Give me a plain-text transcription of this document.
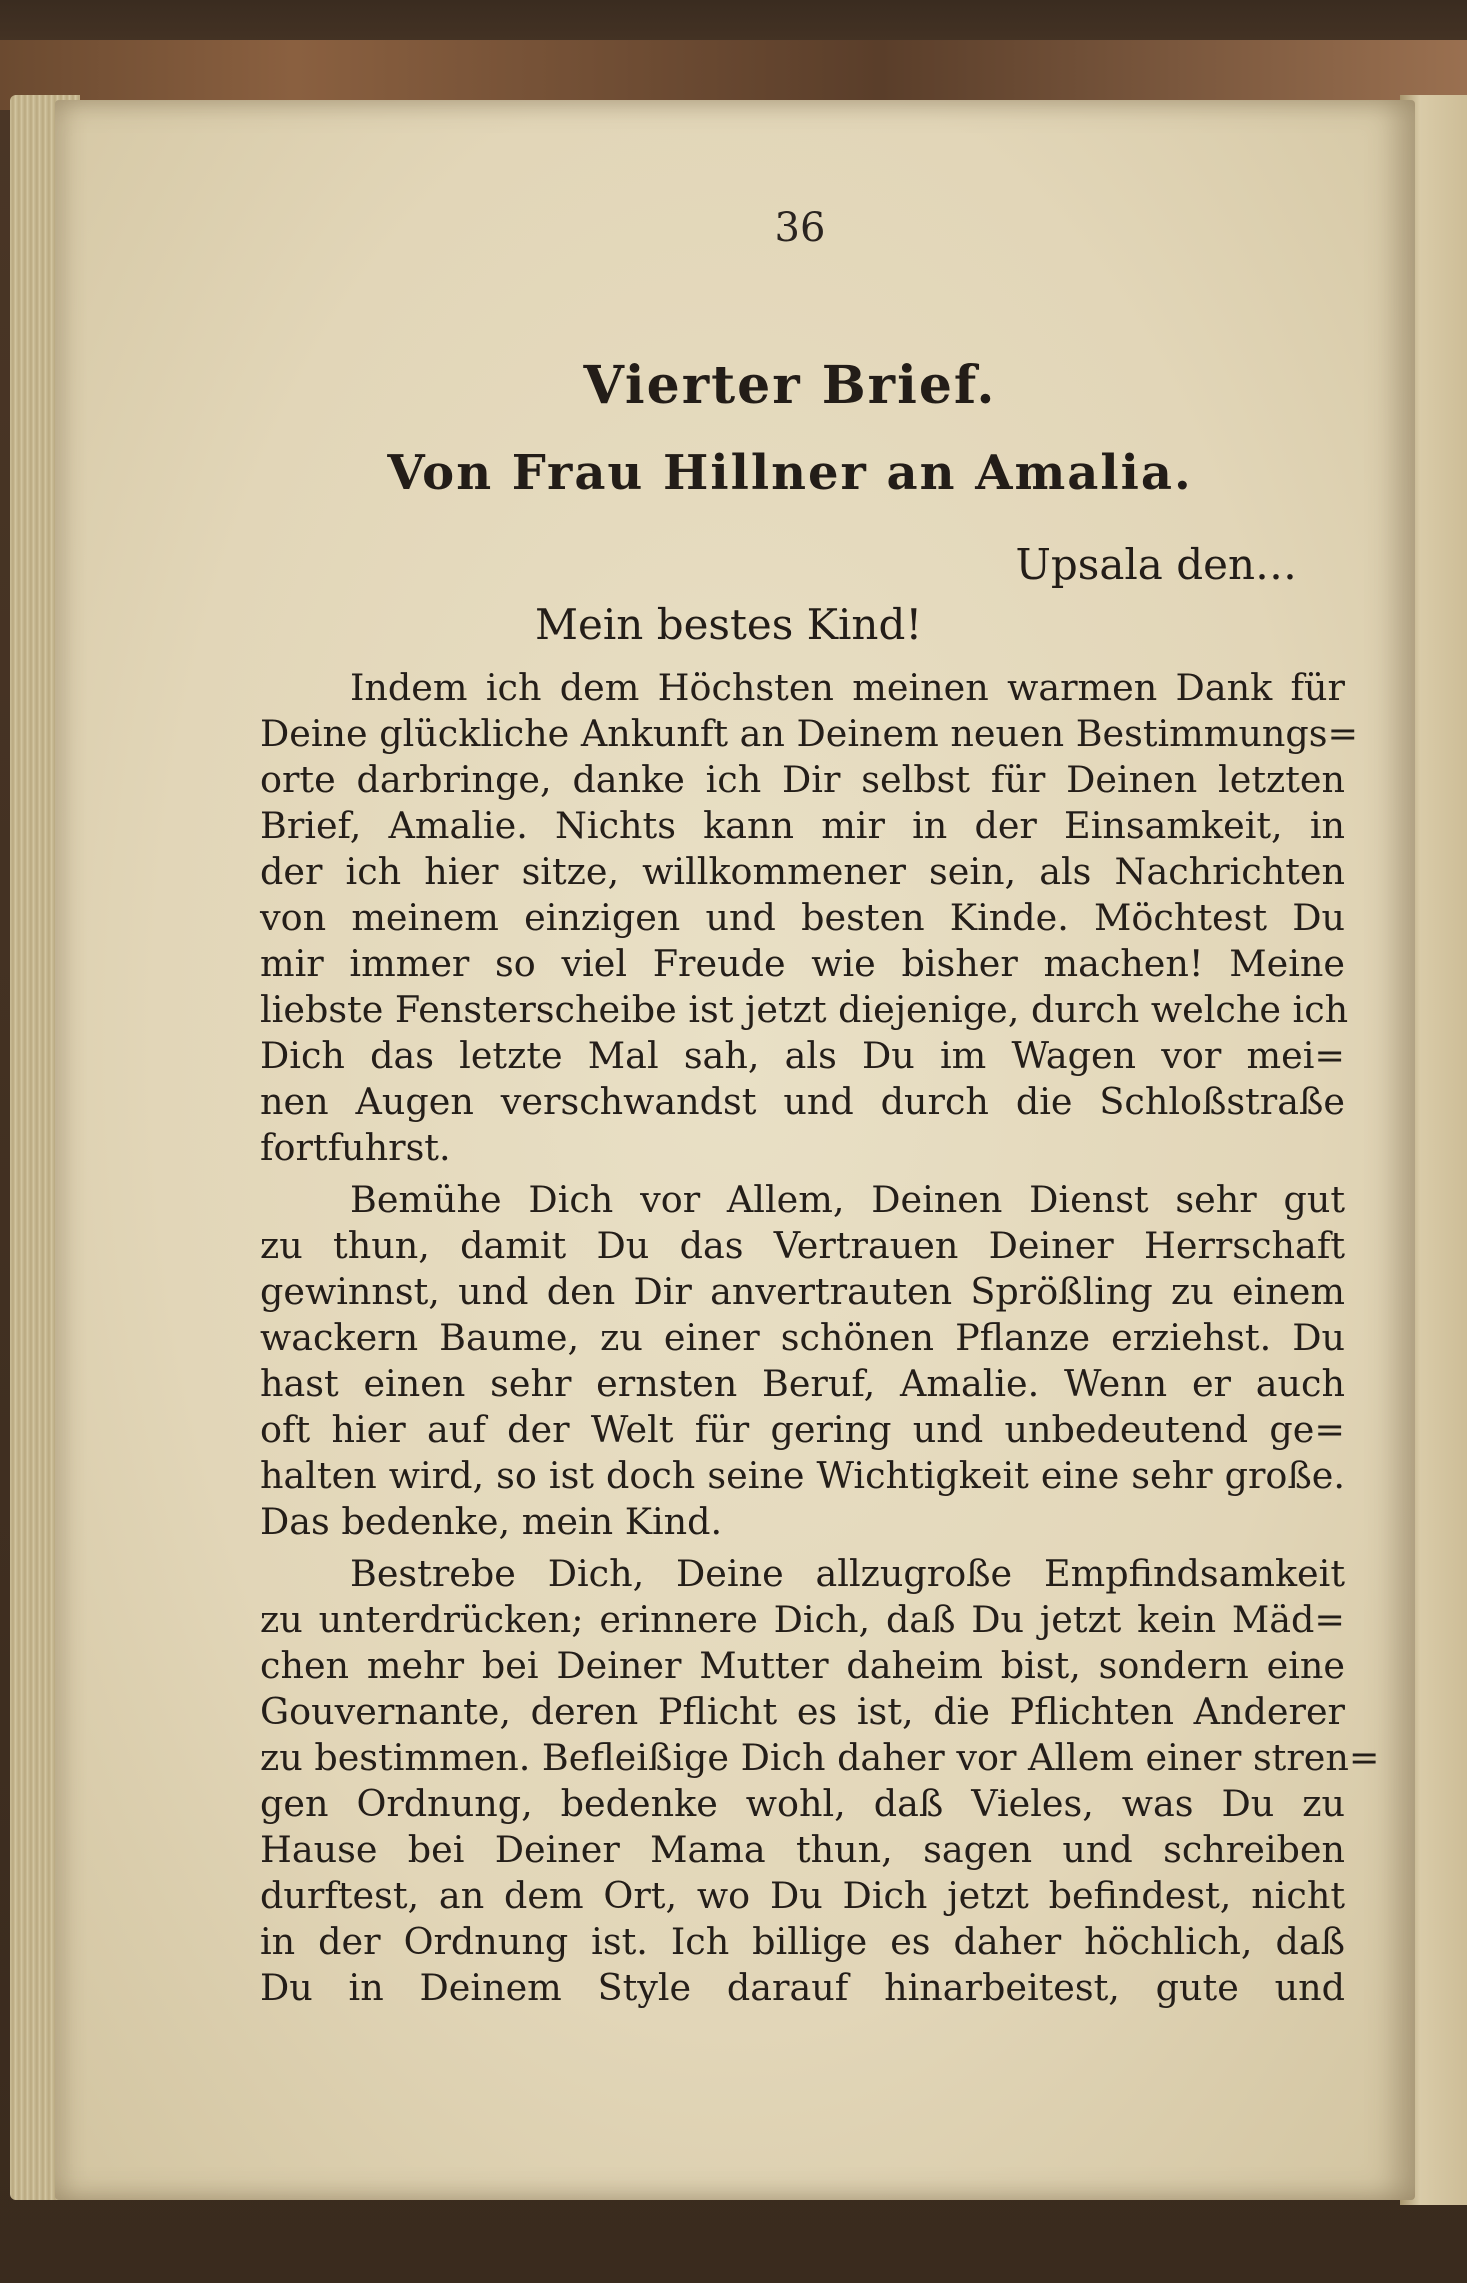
36
Vierter Brief.
Von Frau Hillner an Amalia.
Upsala den…
Mein bestes Kind!
Indem ich dem Höchsten meinen warmen Dank für
Deine glückliche Ankunft an Deinem neuen Bestimmungs=
orte darbringe, danke ich Dir selbst für Deinen letzten
Brief, Amalie. Nichts kann mir in der Einsamkeit, in
der ich hier sitze, willkommener sein, als Nachrichten
von meinem einzigen und besten Kinde. Möchtest Du
mir immer so viel Freude wie bisher machen! Meine
liebste Fensterscheibe ist jetzt diejenige, durch welche ich
Dich das letzte Mal sah, als Du im Wagen vor mei=
nen Augen verschwandst und durch die Schloßstraße
fortfuhrst.
Bemühe Dich vor Allem, Deinen Dienst sehr gut
zu thun, damit Du das Vertrauen Deiner Herrschaft
gewinnst, und den Dir anvertrauten Sprößling zu einem
wackern Baume, zu einer schönen Pflanze erziehst. Du
hast einen sehr ernsten Beruf, Amalie. Wenn er auch
oft hier auf der Welt für gering und unbedeutend ge=
halten wird, so ist doch seine Wichtigkeit eine sehr große.
Das bedenke, mein Kind.
Bestrebe Dich, Deine allzugroße Empfindsamkeit
zu unterdrücken; erinnere Dich, daß Du jetzt kein Mäd=
chen mehr bei Deiner Mutter daheim bist, sondern eine
Gouvernante, deren Pflicht es ist, die Pflichten Anderer
zu bestimmen. Befleißige Dich daher vor Allem einer stren=
gen Ordnung, bedenke wohl, daß Vieles, was Du zu
Hause bei Deiner Mama thun, sagen und schreiben
durftest, an dem Ort, wo Du Dich jetzt befindest, nicht
in der Ordnung ist. Ich billige es daher höchlich, daß
Du in Deinem Style darauf hinarbeitest, gute und
